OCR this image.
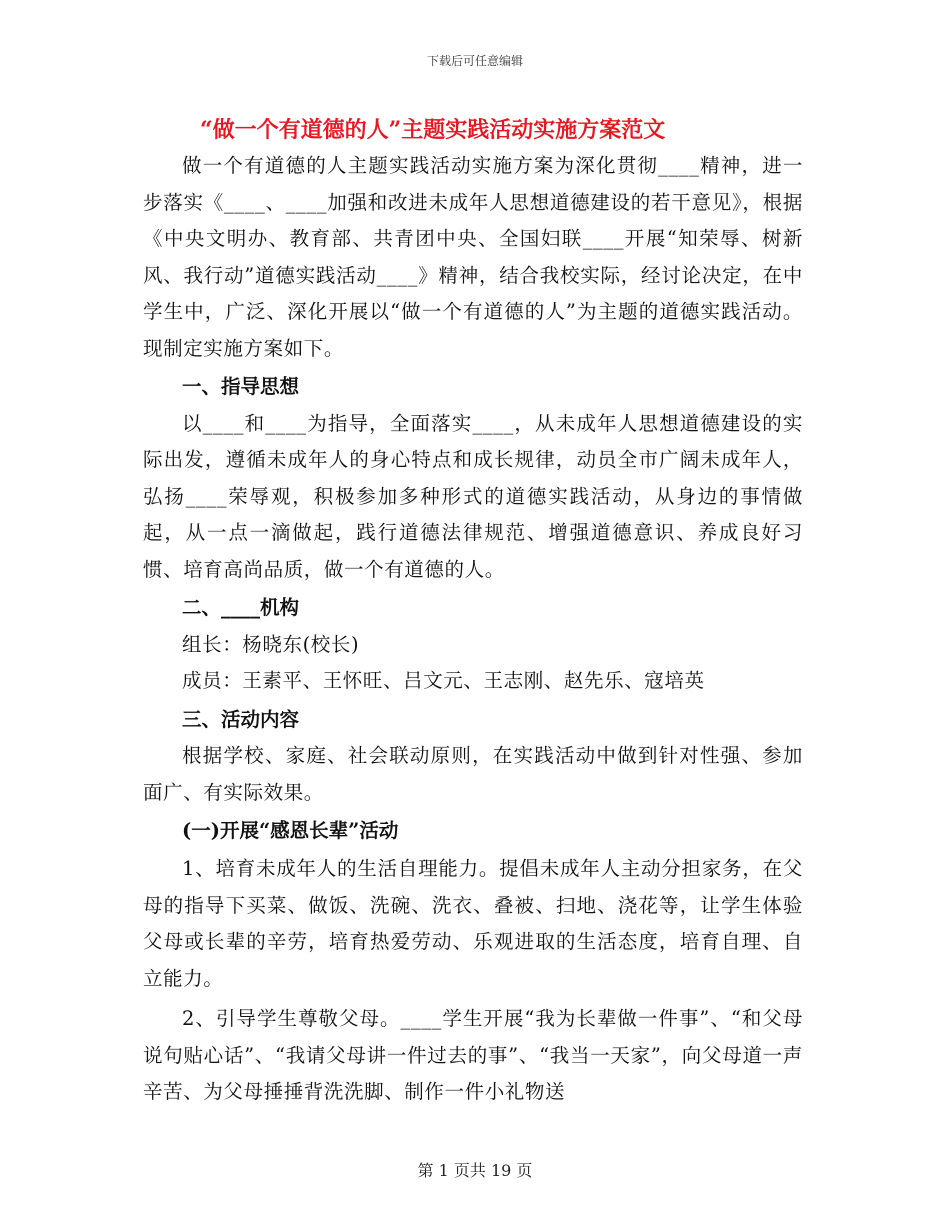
下载后可任意编辑
“做一个有道德的人”主题实践活动实施方案范文

做一个有道德的人主题实践活动实施方案为深化贯彻____精神，进一步落实《____、____加强和改进未成年人思想道德建设的若干意见》，根据《中央文明办、教育部、共青团中央、全国妇联____开展“知荣辱、树新风、我行动”道德实践活动____》精神，结合我校实际，经讨论决定，在中学生中，广泛、深化开展以“做一个有道德的人”为主题的道德实践活动。现制定实施方案如下。

一、指导思想

以____和____为指导，全面落实____，从未成年人思想道德建设的实际出发，遵循未成年人的身心特点和成长规律，动员全市广阔未成年人，弘扬____荣辱观，积极参加多种形式的道德实践活动，从身边的事情做起，从一点一滴做起，践行道德法律规范、增强道德意识、养成良好习惯、培育高尚品质，做一个有道德的人。

二、____机构

组长：杨晓东(校长)

成员：王素平、王怀旺、吕文元、王志刚、赵先乐、寇培英

三、活动内容

根据学校、家庭、社会联动原则，在实践活动中做到针对性强、参加面广、有实际效果。

(一)开展“感恩长辈”活动

1、培育未成年人的生活自理能力。提倡未成年人主动分担家务，在父母的指导下买菜、做饭、洗碗、洗衣、叠被、扫地、浇花等，让学生体验父母或长辈的辛劳，培育热爱劳动、乐观进取的生活态度，培育自理、自立能力。

2、引导学生尊敬父母。____学生开展“我为长辈做一件事”、“和父母说句贴心话”、“我请父母讲一件过去的事”、“我当一天家”，向父母道一声辛苦、为父母捶捶背洗洗脚、制作一件小礼物送

第 1 页共 19 页
